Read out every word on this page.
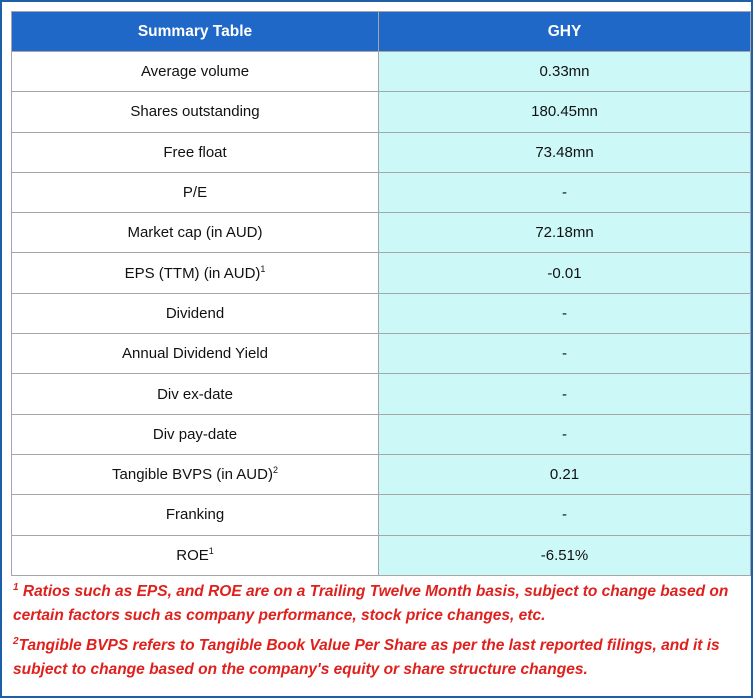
Summary Table	GHY
Average volume	0.33mn
Shares outstanding	180.45mn
Free float	73.48mn
P/E	-
Market cap (in AUD)	72.18mn
EPS (TTM) (in AUD)$^1$	-0.01
Dividend	-
Annual Dividend Yield	-
Div ex-date	-
Div pay-date	-
Tangible BVPS (in AUD)$^2$	0.21
Franking	-
ROE$^1$	-6.51%

$^1$ Ratios such as EPS, and ROE are on a Trailing Twelve Month basis, subject to change based on certain factors such as company performance, stock price changes, etc.

$^2$Tangible BVPS refers to Tangible Book Value Per Share as per the last reported filings, and it is subject to change based on the company's equity or share structure changes.
